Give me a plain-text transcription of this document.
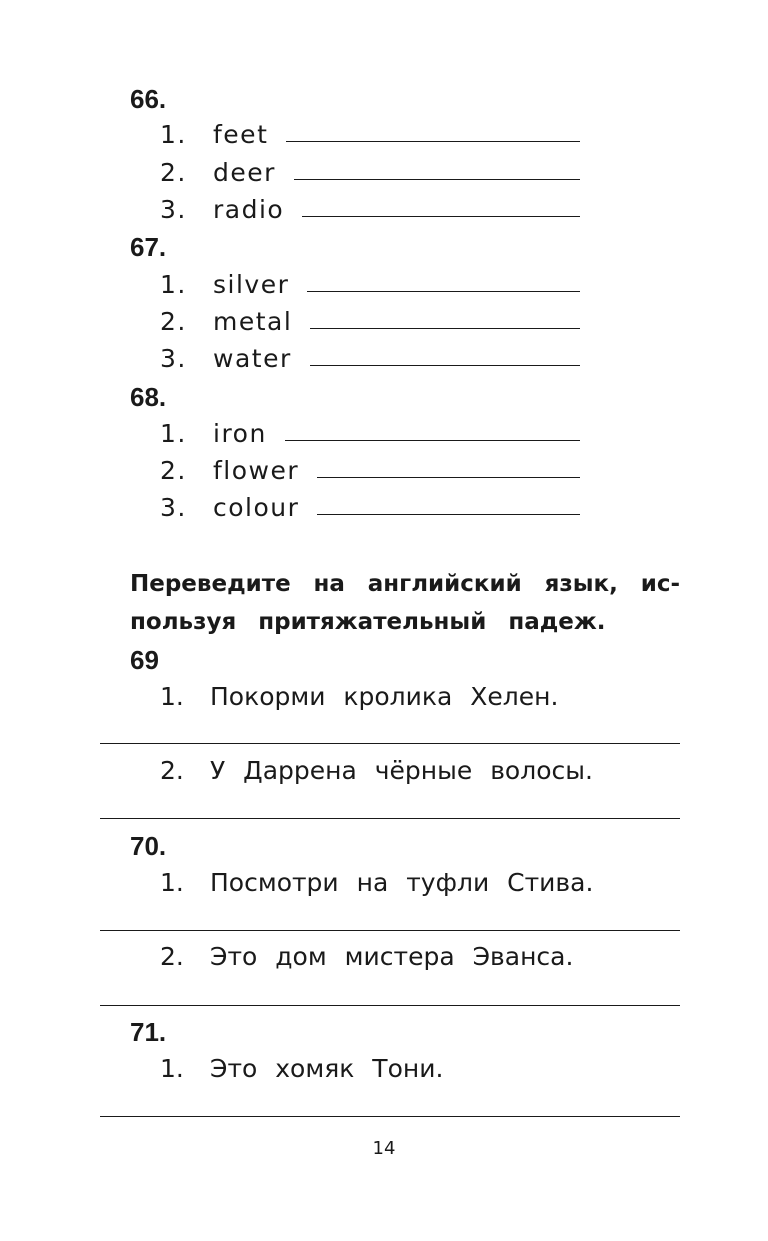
66.
1.	feet
2.	deer
3.	radio
67.
1.	silver
2.	metal
3.	water
68.
1.	iron
2.	flower
3.	colour
Переведите на английский язык, ис-
пользуя притяжательный падеж.
69
1. Покорми кролика Хелен.
2. У Даррена чёрные волосы.
70.
1. Посмотри на туфли Стива.
2. Это дом мистера Эванса.
71.
1. Это хомяк Тони.
14
